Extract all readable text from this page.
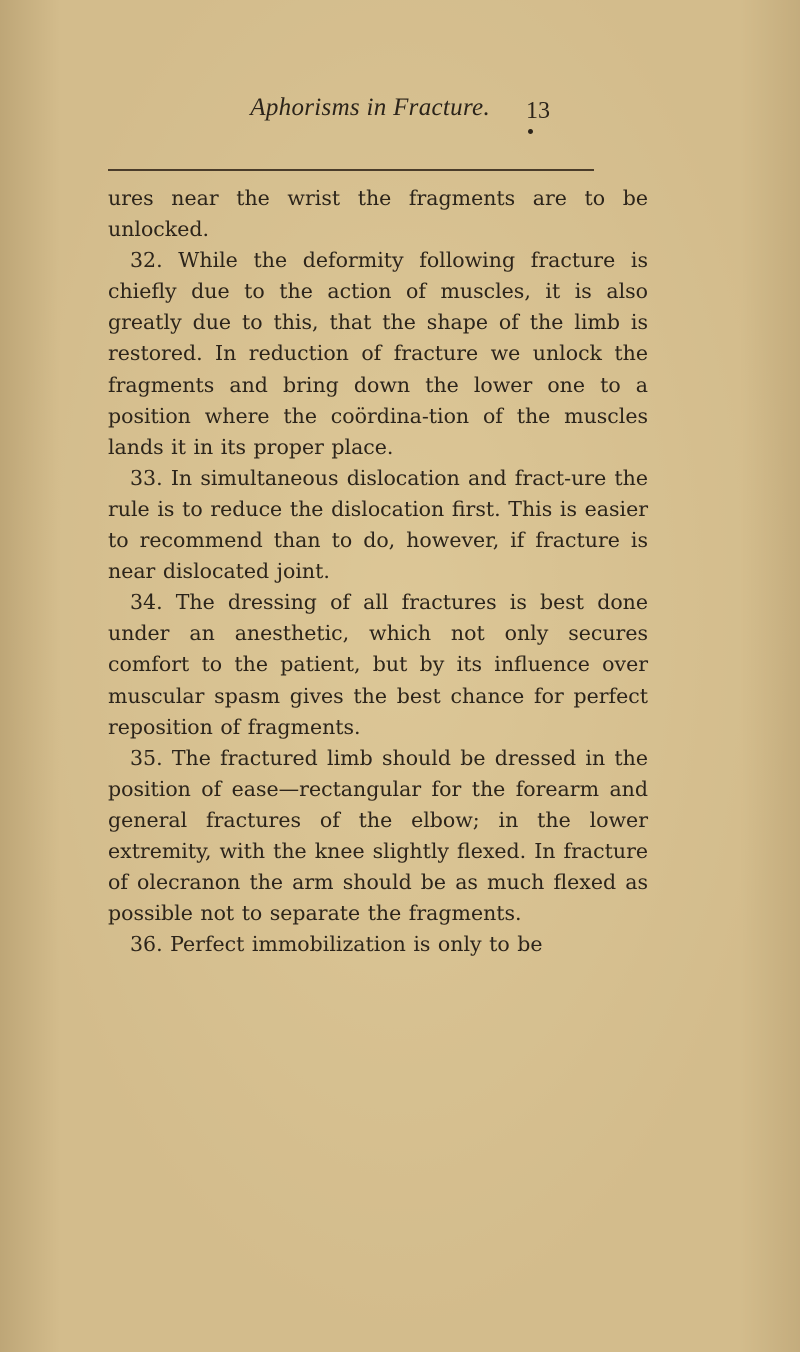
Aphorisms in Fracture. 13

ures near the wrist the fragments are to be unlocked.

32. While the deformity following fracture is chiefly due to the action of muscles, it is also greatly due to this, that the shape of the limb is restored. In reduction of fracture we unlock the fragments and bring down the lower one to a position where the coördina-tion of the muscles lands it in its proper place.

33. In simultaneous dislocation and fract-ure the rule is to reduce the dislocation first. This is easier to recommend than to do, however, if fracture is near dislocated joint.

34. The dressing of all fractures is best done under an anesthetic, which not only secures comfort to the patient, but by its influence over muscular spasm gives the best chance for perfect reposition of fragments.

35. The fractured limb should be dressed in the position of ease—rectangular for the forearm and general fractures of the elbow; in the lower extremity, with the knee slightly flexed. In fracture of olecranon the arm should be as much flexed as possible not to separate the fragments.

36. Perfect immobilization is only to be
